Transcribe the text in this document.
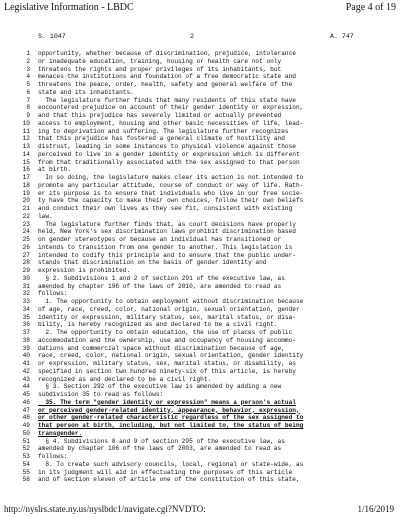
Legislative Information - LBDC	Page 4 of 19
S. 1047	2	A. 747
1 opportunity, whether because of discrimination, prejudice, intolerance
2 or inadequate education, training, housing or health care not only
3 threatens the rights and proper privileges of its inhabitants, but
4 menaces the institutions and foundation of a free democratic state and
5 threatens the peace, order, health, safety and general welfare of the
6 state and its inhabitants.
7 The legislature further finds that many residents of this state have
8 encountered prejudice on account of their gender identity or expression,
9 and that this prejudice has severely limited or actually prevented
10 access to employment, housing and other basic necessities of life, lead-
11 ing to deprivation and suffering. The legislature further recognizes
12 that this prejudice has fostered a general climate of hostility and
13 distrust, leading in some instances to physical violence against those
14 perceived to live in a gender identity or expression which is different
15 from that traditionally associated with the sex assigned to that person
16 at birth.
17 In so doing, the legislature makes clear its action is not intended to
18 promote any particular attitude, course of conduct or way of life. Rath-
19 er its purpose is to ensure that individuals who live in our free socie-
20 ty have the capacity to make their own choices, follow their own beliefs
21 and conduct their own lives as they see fit, consistent with existing
22 law.
23 The legislature further finds that, as court decisions have properly
24 held, New York's sex discrimination laws prohibit discrimination based
25 on gender stereotypes or because an individual has transitioned or
26 intends to transition from one gender to another. This legislation is
27 intended to codify this principle and to ensure that the public under-
28 stands that discrimination on the basis of gender identity and
29 expression is prohibited.
30 § 2. Subdivisions 1 and 2 of section 291 of the executive law, as
31 amended by chapter 196 of the laws of 2010, are amended to read as
32 follows:
33 1. The opportunity to obtain employment without discrimination because
34 of age, race, creed, color, national origin, sexual orientation, gender
35 identity or expression, military status, sex, marital status, or disa-
36 bility, is hereby recognized as and declared to be a civil right.
37 2. The opportunity to obtain education, the use of places of public
38 accommodation and the ownership, use and occupancy of housing accommo-
39 dations and commercial space without discrimination because of age,
40 race, creed, color, national origin, sexual orientation, gender identity
41 or expression, military status, sex, marital status, or disability, as
42 specified in section two hundred ninety-six of this article, is hereby
43 recognized as and declared to be a civil right.
44 § 3. Section 292 of the executive law is amended by adding a new
45 subdivision 35 to read as follows:
46 35. The term "gender identity or expression" means a person's actual
47 or perceived gender-related identity, appearance, behavior, expression,
48 or other gender-related characteristic regardless of the sex assigned to
49 that person at birth, including, but not limited to, the status of being
50 transgender.
51 § 4. Subdivisions 8 and 9 of section 295 of the executive law, as
52 amended by chapter 106 of the laws of 2003, are amended to read as
53 follows:
54 8. To create such advisory councils, local, regional or state-wide, as
55 in its judgment will aid in effectuating the purposes of this article
56 and of section eleven of article one of the constitution of this state,
http://nyslrs.state.ny.us/nyslbdc1/navigate.cgi?NVDTO:	1/16/2019
